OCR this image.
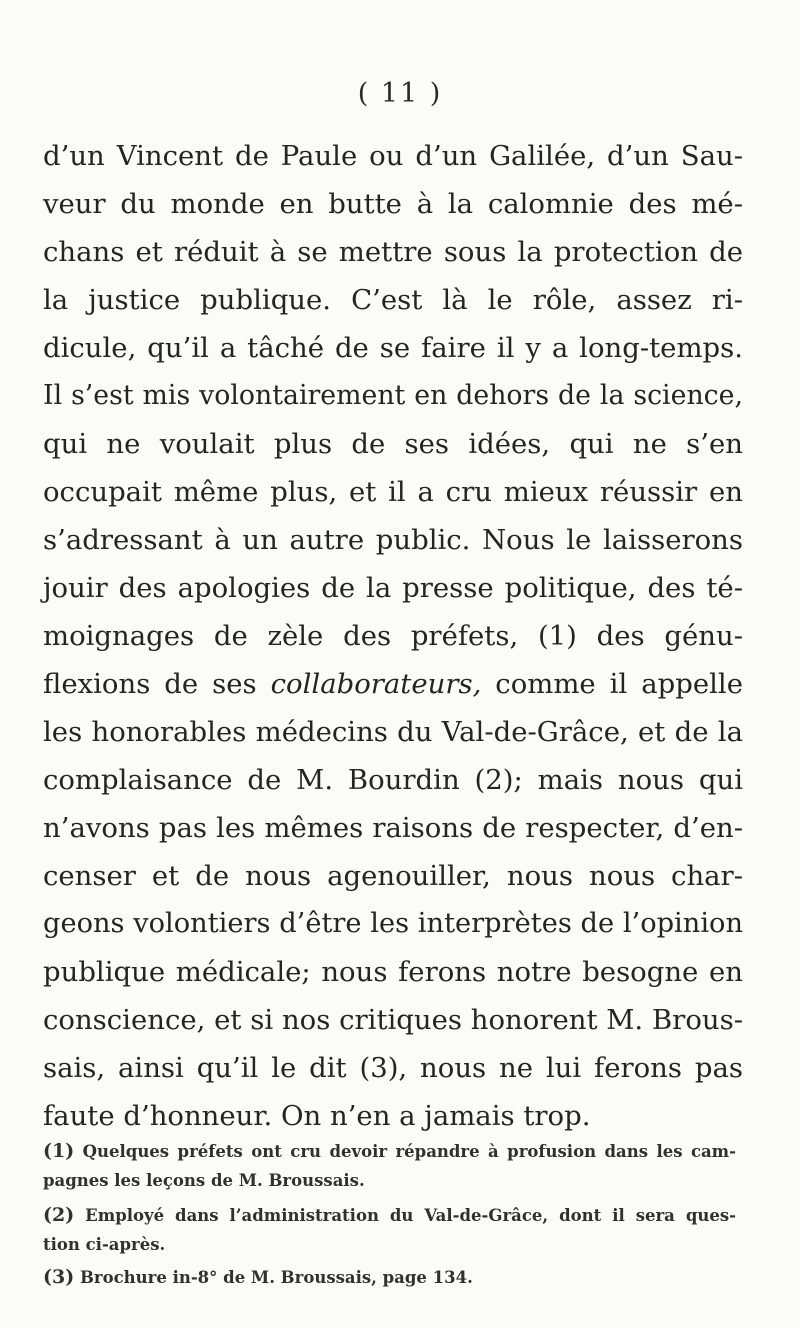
( 11 )
d’un Vincent de Paule ou d’un Galilée, d’un Sau-
veur du monde en butte à la calomnie des mé-
chans et réduit à se mettre sous la protection de
la justice publique. C’est là le rôle, assez ri-
dicule, qu’il a tâché de se faire il y a long-temps.
Il s’est mis volontairement en dehors de la science,
qui ne voulait plus de ses idées, qui ne s’en
occupait même plus, et il a cru mieux réussir en
s’adressant à un autre public. Nous le laisserons
jouir des apologies de la presse politique, des té-
moignages de zèle des préfets, (1) des génu-
flexions de ses collaborateurs, comme il appelle
les honorables médecins du Val-de-Grâce, et de la
complaisance de M. Bourdin (2); mais nous qui
n’avons pas les mêmes raisons de respecter, d’en-
censer et de nous agenouiller, nous nous char-
geons volontiers d’être les interprètes de l’opinion
publique médicale; nous ferons notre besogne en
conscience, et si nos critiques honorent M. Brous-
sais, ainsi qu’il le dit (3), nous ne lui ferons pas
faute d’honneur. On n’en a jamais trop.
(1) Quelques préfets ont cru devoir répandre à profusion dans les cam-
pagnes les leçons de M. Broussais.
(2) Employé dans l’administration du Val-de-Grâce, dont il sera ques-
tion ci-après.
(3) Brochure in-8° de M. Broussais, page 134.
